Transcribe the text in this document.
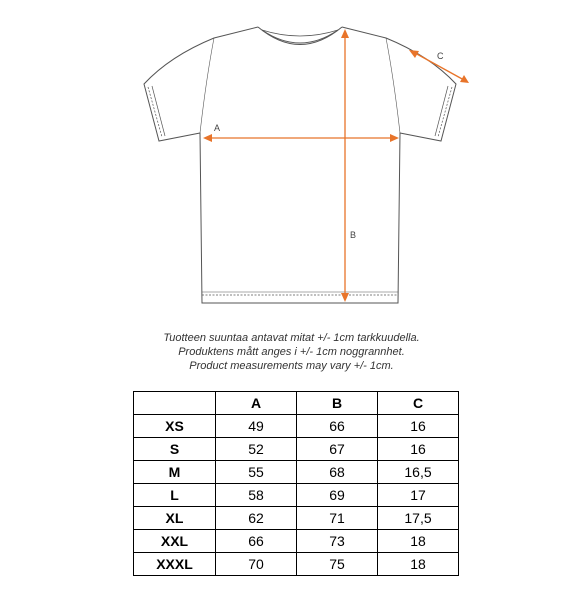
A
B
C
Tuotteen suuntaa antavat mitat +/- 1cm tarkkuudella.
Produktens mått anges i +/- 1cm noggrannhet.
Product measurements may vary +/- 1cm.
	A	B	C
XS	49	66	16
S	52	67	16
M	55	68	16,5
L	58	69	17
XL	62	71	17,5
XXL	66	73	18
XXXL	70	75	18
